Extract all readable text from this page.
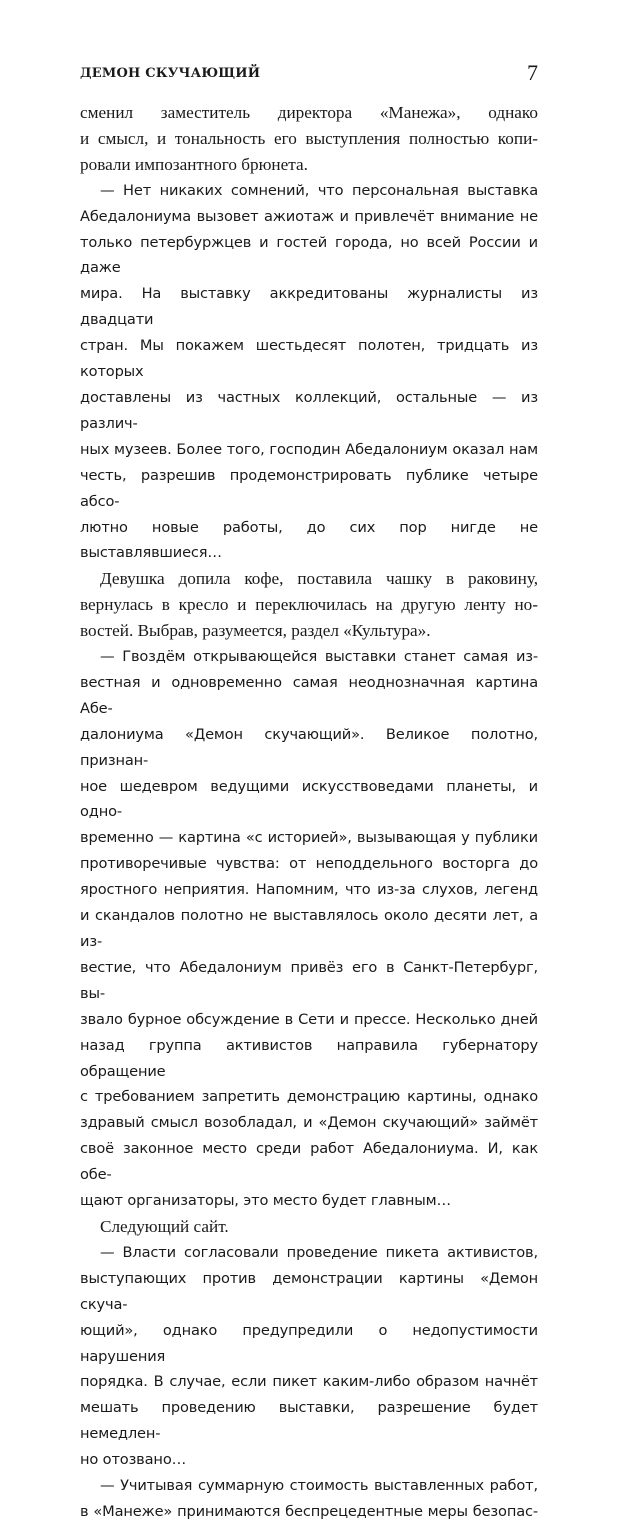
ДЕМОН СКУЧАЮЩИЙ	7
сменил заместитель директора «Манежа», однако
и смысл, и тональность его выступления полностью копи-
ровали импозантного брюнета.
— Нет никаких сомнений, что персональная выставка
Абедалониума вызовет ажиотаж и привлечёт внимание не
только петербуржцев и гостей города, но всей России и даже
мира. На выставку аккредитованы журналисты из двадцати
стран. Мы покажем шестьдесят полотен, тридцать из которых
доставлены из частных коллекций, остальные — из различ-
ных музеев. Более того, господин Абедалониум оказал нам
честь, разрешив продемонстрировать публике четыре абсо-
лютно новые работы, до сих пор нигде не выставлявшиеся…
Девушка допила кофе, поставила чашку в раковину,
вернулась в кресло и переключилась на другую ленту но-
востей. Выбрав, разумеется, раздел «Культура».
— Гвоздём открывающейся выставки станет самая из-
вестная и одновременно самая неоднозначная картина Абе-
далониума «Демон скучающий». Великое полотно, признан-
ное шедевром ведущими искусствоведами планеты, и одно-
временно — картина «с историей», вызывающая у публики
противоречивые чувства: от неподдельного восторга до
яростного неприятия. Напомним, что из-за слухов, легенд
и скандалов полотно не выставлялось около десяти лет, а из-
вестие, что Абедалониум привёз его в Санкт-Петербург, вы-
звало бурное обсуждение в Сети и прессе. Несколько дней
назад группа активистов направила губернатору обращение
с требованием запретить демонстрацию картины, однако
здравый смысл возобладал, и «Демон скучающий» займёт
своё законное место среди работ Абедалониума. И, как обе-
щают организаторы, это место будет главным…
Следующий сайт.
— Власти согласовали проведение пикета активистов,
выступающих против демонстрации картины «Демон скуча-
ющий», однако предупредили о недопустимости нарушения
порядка. В случае, если пикет каким-либо образом начнёт
мешать проведению выставки, разрешение будет немедлен-
но отозвано…
— Учитывая суммарную стоимость выставленных работ,
в «Манеже» принимаются беспрецедентные меры безопас-
